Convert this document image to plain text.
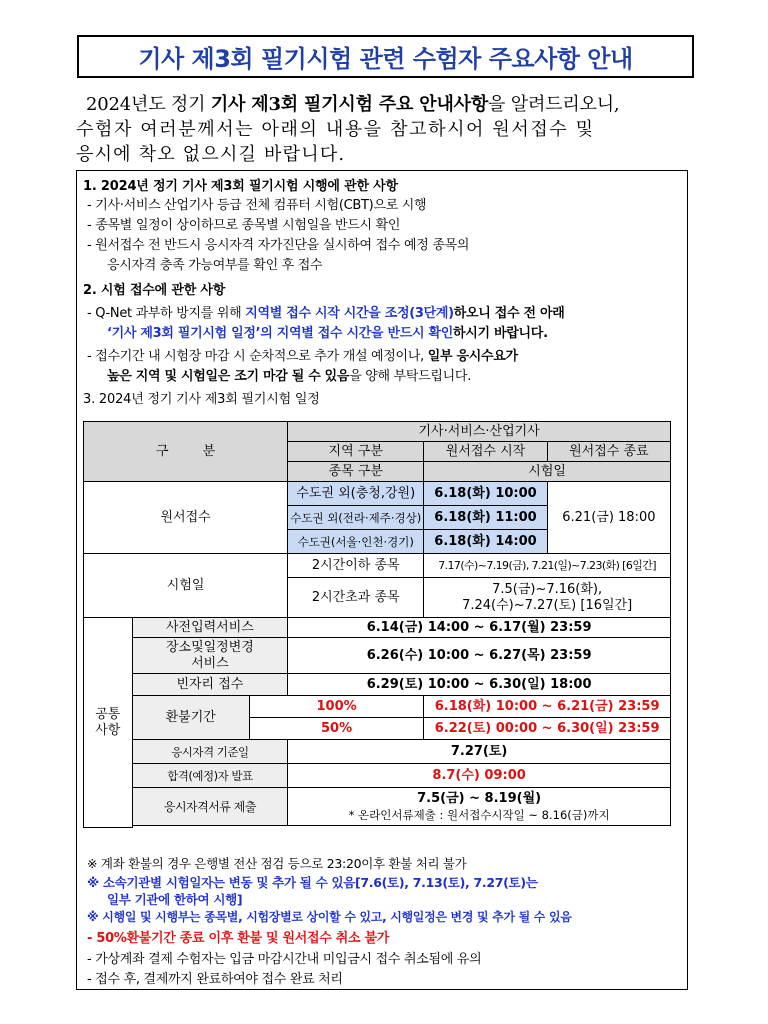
기사 제3회 필기시험 관련 수험자 주요사항 안내
2024년도 정기 기사 제3회 필기시험 주요 안내사항을 알려드리오니,
수험자 여러분께서는 아래의 내용을 참고하시어 원서접수 및
응시에 착오 없으시길 바랍니다.
1. 2024년 정기 기사 제3회 필기시험 시행에 관한 사항
- 기사·서비스 산업기사 등급 전체 컴퓨터 시험(CBT)으로 시행
- 종목별 일정이 상이하므로 종목별 시험일을 반드시 확인
- 원서접수 전 반드시 응시자격 자가진단을 실시하여 접수 예정 종목의
응시자격 충족 가능여부를 확인 후 접수
2. 시험 접수에 관한 사항
- Q-Net 과부하 방지를 위해 지역별 접수 시작 시간을 조정(3단계)하오니 접수 전 아래
‘기사 제3회 필기시험 일정’의 지역별 접수 시간을 반드시 확인하시기 바랍니다.
- 접수기간 내 시험장 마감 시 순차적으로 추가 개설 예정이나, 일부 응시수요가
높은 지역 및 시험일은 조기 마감 될 수 있음을 양해 부탁드립니다.
3. 2024년 정기 기사 제3회 필기시험 일정
구 분			기사·서비스·산업기사		
			지역 구분	원서접수 시작	원서접수 종료
			종목 구분	시험일	
원서접수			수도권 외(충청,강원)	6.18(화) 10:00	6.21(금) 18:00
			수도권 외(전라·제주·경상)	6.18(화) 11:00	
			수도권(서울·인천·경기)	6.18(화) 14:00	
시험일			2시간이하 종목	7.17(수)~7.19(금), 7.21(일)~7.23(화) [6일간]	
			2시간초과 종목	7.5(금)~7.16(화),
7.24(수)~7.27(토) [16일간]	

공통
사항	사전입력서비스		6.14(금) 14:00 ~ 6.17(월) 23:59		

	장소및일정변경
서비스		6.26(수) 10:00 ~ 6.27(목) 23:59		
	빈자리 접수		6.29(토) 10:00 ~ 6.30(일) 18:00		
	환불기간	100%		6.18(화) 10:00 ~ 6.21(금) 23:59	
		50%		6.22(토) 00:00 ~ 6.30(일) 23:59	
	응시자격 기준일		7.27(토)		
	합격(예정)자 발표		8.7(수) 09:00		
	응시자격서류 제출		7.5(금) ~ 8.19(월)
* 온라인서류제출 : 원서접수시작일 ~ 8.16(금)까지		

※ 계좌 환불의 경우 은행별 전산 점검 등으로 23:20이후 환불 처리 불가
※ 소속기관별 시험일자는 변동 및 추가 될 수 있음[7.6(토), 7.13(토), 7.27(토)는
일부 기관에 한하여 시행]
※ 시행일 및 시행부는 종목별, 시험장별로 상이할 수 있고, 시행일정은 변경 및 추가 될 수 있음
- 50%환불기간 종료 이후 환불 및 원서접수 취소 불가
- 가상계좌 결제 수험자는 입금 마감시간내 미입금시 접수 취소됨에 유의
- 접수 후, 결제까지 완료하여야 접수 완료 처리
